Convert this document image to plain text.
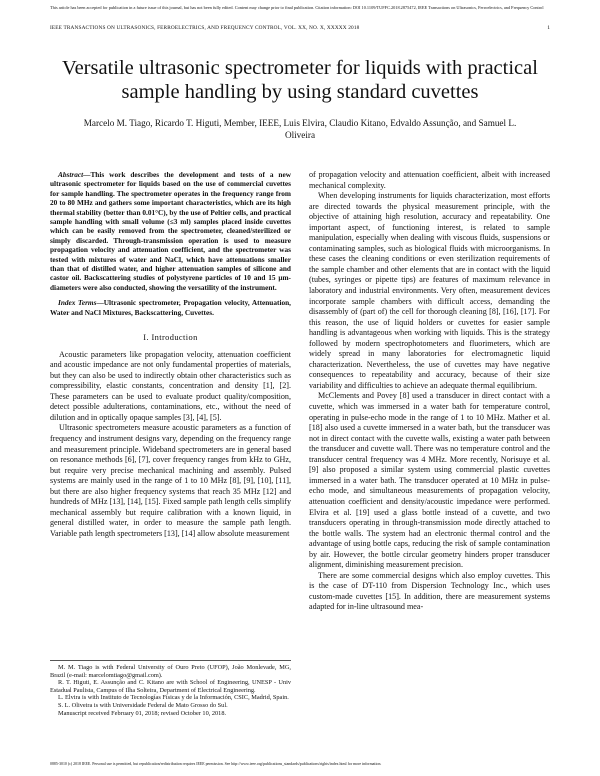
This article has been accepted for publication in a future issue of this journal, but has not been fully edited. Content may change prior to final publication. Citation information: DOI 10.1109/TUFFC.2018.2875472, IEEE Transactions on Ultrasonics, Ferroelectrics, and Frequency Control
IEEE TRANSACTIONS ON ULTRASONICS, FERROELECTRICS, AND FREQUENCY CONTROL, VOL. XX, NO. X, XXXXX 2018	1
Versatile ultrasonic spectrometer for liquids with practical sample handling by using standard cuvettes
Marcelo M. Tiago, Ricardo T. Higuti, Member, IEEE, Luis Elvira, Claudio Kitano, Edvaldo Assunção, and Samuel L. Oliveira

Abstract—This work describes the development and tests of a new ultrasonic spectrometer for liquids based on the use of commercial cuvettes for sample handling. The spectrometer operates in the frequency range from 20 to 80 MHz and gathers some important characteristics, which are its high thermal stability (better than 0.01°C), by the use of Peltier cells, and practical sample handling with small volume (≤3 ml) samples placed inside cuvettes which can be easily removed from the spectrometer, cleaned/sterilized or simply discarded. Through-transmission operation is used to measure propagation velocity and attenuation coefficient, and the spectrometer was tested with mixtures of water and NaCl, which have attenuations smaller than that of distilled water, and higher attenuation samples of silicone and castor oil. Backscattering studies of polystyrene particles of 10 and 15 μm-diameters were also conducted, showing the versatility of the instrument.

Index Terms—Ultrasonic spectrometer, Propagation velocity, Attenuation, Water and NaCl Mixtures, Backscattering, Cuvettes.

I. Introduction

Acoustic parameters like propagation velocity, attenuation coefficient and acoustic impedance are not only fundamental properties of materials, but they can also be used to indirectly obtain other characteristics such as compressibility, elastic constants, concentration and density [1], [2]. These parameters can be used to evaluate product quality/composition, detect possible adulterations, contaminations, etc., without the need of dilution and in optically opaque samples [3], [4], [5].

Ultrasonic spectrometers measure acoustic parameters as a function of frequency and instrument designs vary, depending on the frequency range and measurement principle. Wideband spectrometers are in general based on resonance methods [6], [7], cover frequency ranges from kHz to GHz, but require very precise mechanical machining and assembly. Pulsed systems are mainly used in the range of 1 to 10 MHz [8], [9], [10], [11], but there are also higher frequency systems that reach 35 MHz [12] and hundreds of MHz [13], [14], [15]. Fixed sample path length cells simplify mechanical assembly but require calibration with a known liquid, in general distilled water, in order to measure the sample path length. Variable path length spectrometers [13], [14] allow absolute measurement

M. M. Tiago is with Federal University of Ouro Preto (UFOP), João Monlevade, MG, Brazil (e-mail: marcelomtiago@gmail.com).

R. T. Higuti, E. Assunção and C. Kitano are with School of Engineering, UNESP - Univ Estadual Paulista, Campus of Ilha Solteira, Department of Electrical Engineering.

L. Elvira is with Instituto de Tecnologías Físicas y de la Información, CSIC, Madrid, Spain.

S. L. Oliveira is with Universidade Federal de Mato Grosso do Sul.

Manuscript received February 01, 2018; revised October 10, 2018.

of propagation velocity and attenuation coefficient, albeit with increased mechanical complexity.

When developing instruments for liquids characterization, most efforts are directed towards the physical measurement principle, with the objective of attaining high resolution, accuracy and repeatability. One important aspect, of functioning interest, is related to sample manipulation, especially when dealing with viscous fluids, suspensions or contaminating samples, such as biological fluids with microorganisms. In these cases the cleaning conditions or even sterilization requirements of the sample chamber and other elements that are in contact with the liquid (tubes, syringes or pipette tips) are features of maximum relevance in laboratory and industrial environments. Very often, measurement devices incorporate sample chambers with difficult access, demanding the disassembly of (part of) the cell for thorough cleaning [8], [16], [17]. For this reason, the use of liquid holders or cuvettes for easier sample handling is advantageous when working with liquids. This is the strategy followed by modern spectrophotometers and fluorimeters, which are widely spread in many laboratories for electromagnetic liquid characterization. Nevertheless, the use of cuvettes may have negative consequences to repeatability and accuracy, because of their size variability and difficulties to achieve an adequate thermal equilibrium.

McClements and Povey [8] used a transducer in direct contact with a cuvette, which was immersed in a water bath for temperature control, operating in pulse-echo mode in the range of 1 to 10 MHz. Mather et al. [18] also used a cuvette immersed in a water bath, but the transducer was not in direct contact with the cuvette walls, existing a water path between the transducer and cuvette wall. There was no temperature control and the transducer central frequency was 4 MHz. More recently, Norisuye et al. [9] also proposed a similar system using commercial plastic cuvettes immersed in a water bath. The transducer operated at 10 MHz in pulse-echo mode, and simultaneous measurements of propagation velocity, attenuation coefficient and density/acoustic impedance were performed. Elvira et al. [19] used a glass bottle instead of a cuvette, and two transducers operating in through-transmission mode directly attached to the bottle walls. The system had an electronic thermal control and the advantage of using bottle caps, reducing the risk of sample contamination by air. However, the bottle circular geometry hinders proper transducer alignment, diminishing measurement precision.

There are some commercial designs which also employ cuvettes. This is the case of DT-110 from Dispersion Technology Inc., which uses custom-made cuvettes [15]. In addition, there are measurement systems adapted for in-line ultrasound mea-

0885-3010 (c) 2018 IEEE. Personal use is permitted, but republication/redistribution requires IEEE permission. See http://www.ieee.org/publications_standards/publications/rights/index.html for more information.
